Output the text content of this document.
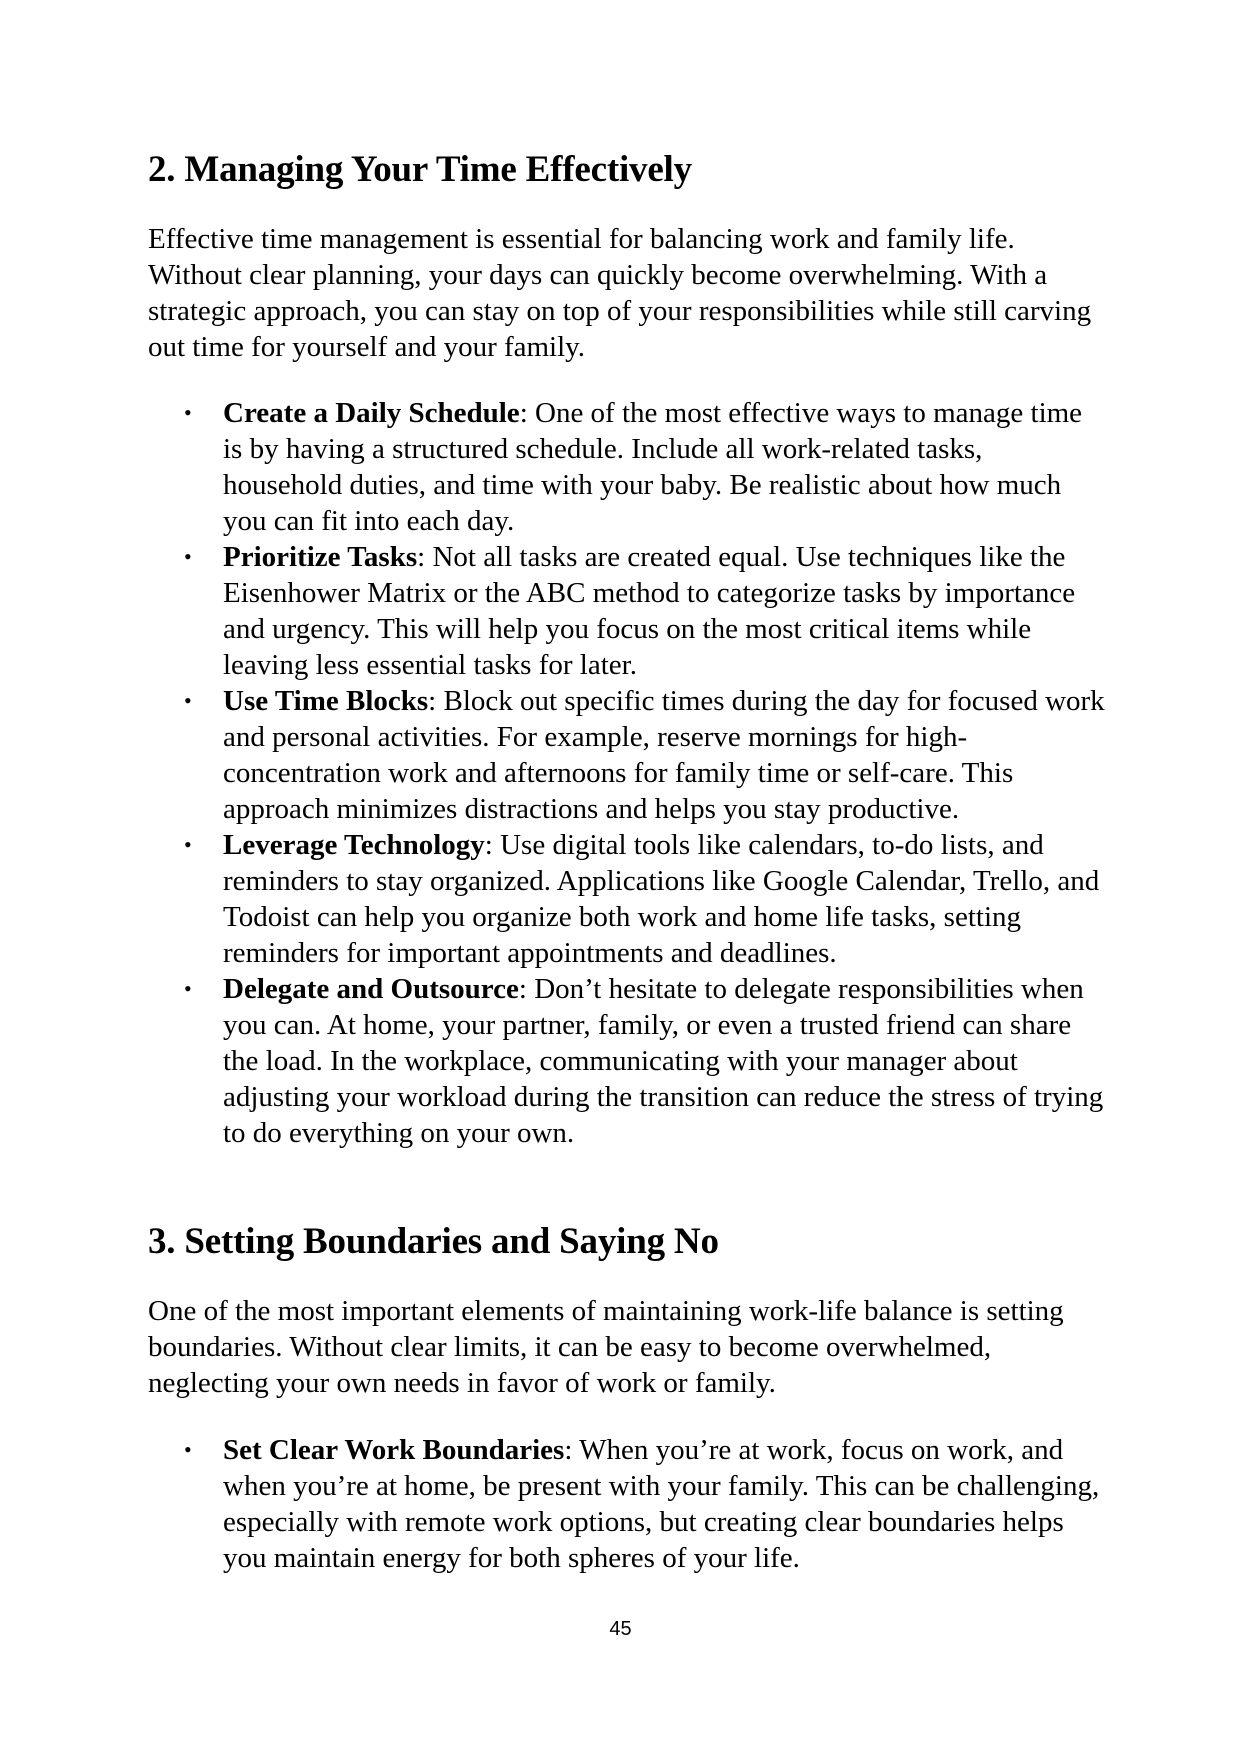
2. Managing Your Time Effectively

Effective time management is essential for balancing work and family life. Without clear planning, your days can quickly become overwhelming. With a strategic approach, you can stay on top of your responsibilities while still carving out time for yourself and your family.

• Create a Daily Schedule: One of the most effective ways to manage time is by having a structured schedule. Include all work-related tasks, household duties, and time with your baby. Be realistic about how much you can fit into each day.
• Prioritize Tasks: Not all tasks are created equal. Use techniques like the Eisenhower Matrix or the ABC method to categorize tasks by importance and urgency. This will help you focus on the most critical items while leaving less essential tasks for later.
• Use Time Blocks: Block out specific times during the day for focused work and personal activities. For example, reserve mornings for high-concentration work and afternoons for family time or self-care. This approach minimizes distractions and helps you stay productive.
• Leverage Technology: Use digital tools like calendars, to-do lists, and reminders to stay organized. Applications like Google Calendar, Trello, and Todoist can help you organize both work and home life tasks, setting reminders for important appointments and deadlines.
• Delegate and Outsource: Don’t hesitate to delegate responsibilities when you can. At home, your partner, family, or even a trusted friend can share the load. In the workplace, communicating with your manager about adjusting your workload during the transition can reduce the stress of trying to do everything on your own.
3. Setting Boundaries and Saying No

One of the most important elements of maintaining work-life balance is setting boundaries. Without clear limits, it can be easy to become overwhelmed, neglecting your own needs in favor of work or family.

• Set Clear Work Boundaries: When you’re at work, focus on work, and when you’re at home, be present with your family. This can be challenging, especially with remote work options, but creating clear boundaries helps you maintain energy for both spheres of your life.
45
